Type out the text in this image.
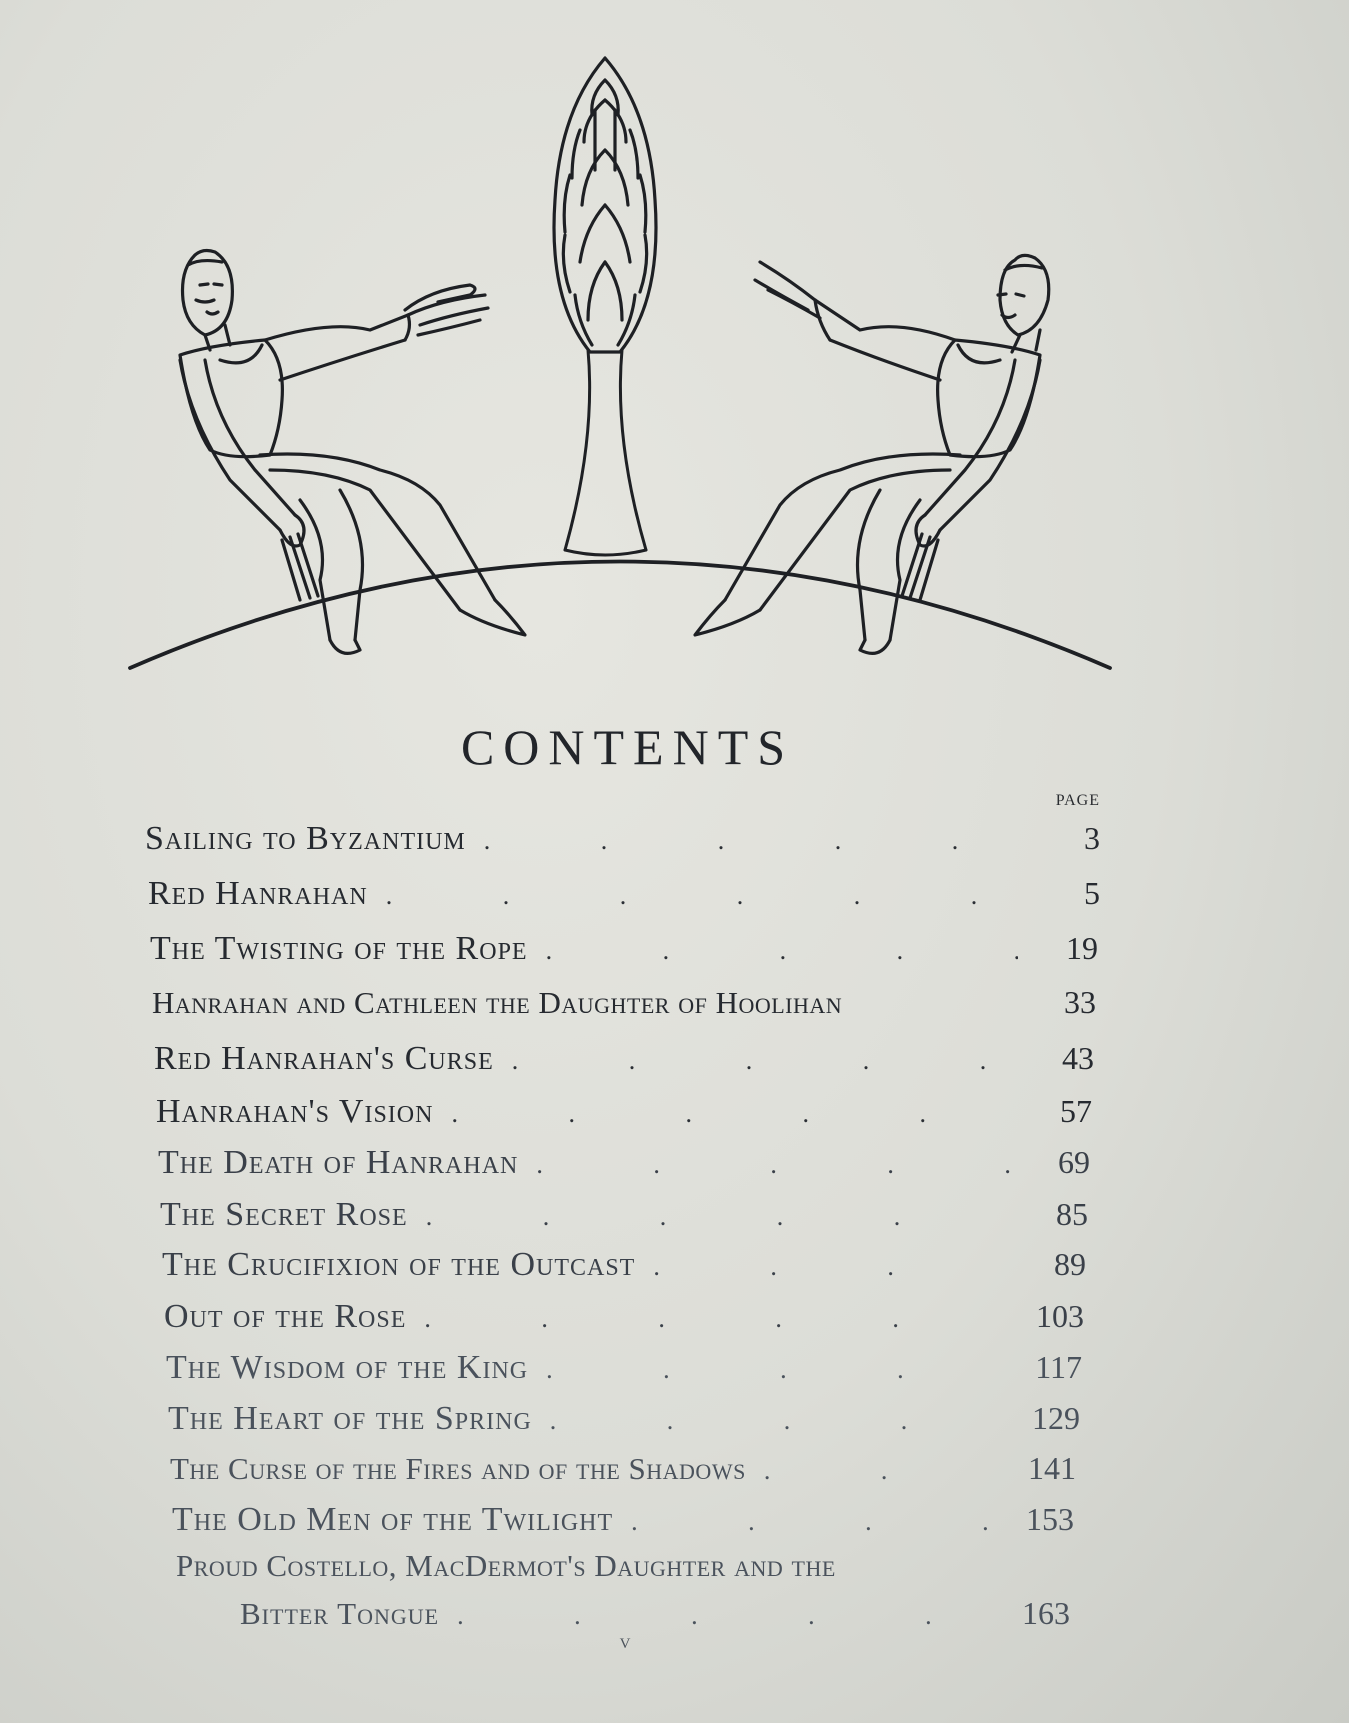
CONTENTS
PAGE
Sailing to Byzantium .	3
Red Hanrahan .	5
The Twisting of the Rope .	19
Hanrahan and Cathleen the Daughter of Hoolihan	33
Red Hanrahan's Curse .	43
Hanrahan's Vision .	57
The Death of Hanrahan .	69
The Secret Rose .	85
The Crucifixion of the Outcast .	89
Out of the Rose .	103
The Wisdom of the King .	117
The Heart of the Spring .	129
The Curse of the Fires and of the Shadows .	141
The Old Men of the Twilight .	153
Proud Costello, MacDermot's Daughter and the
Bitter Tongue .	163
v
